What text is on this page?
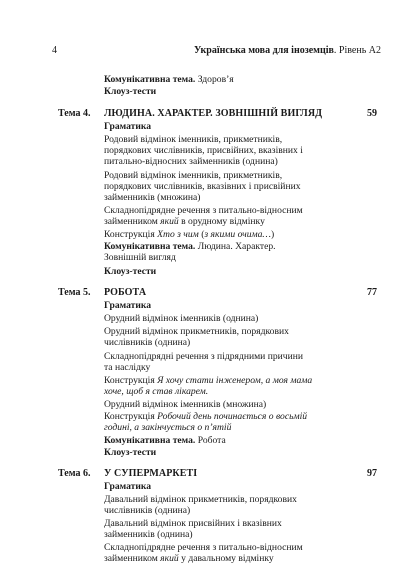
4	Українська мова для іноземців. Рівень А2
Комунікативна тема. Здоров’я
Клоуз-тести
Тема 4. ЛЮДИНА. ХАРАКТЕР. ЗОВНІШНІЙ ВИГЛЯД	59
Граматика
Родовий відмінок іменників, прикметників, порядкових числівників, присвійних, вказівних і питально-відносних займенників (однина)
Родовий відмінок іменників, прикметників, порядкових числівників, вказівних і присвійних займенників (множина)
Складнопідрядне речення з питально-відносним займенником який в орудному відмінку
Конструкція Хто з чим (з якими очима…)
Комунікативна тема. Людина. Характер. Зовнішній вигляд
Клоуз-тести
Тема 5. РОБОТА	77
Граматика
Орудний відмінок іменників (однина)
Орудний відмінок прикметників, порядкових числівників (однина)
Складнопідрядні речення з підрядними причини та наслідку
Конструкція Я хочу стати інженером, а моя мама хоче, щоб я став лікарем.
Орудний відмінок іменників (множина)
Конструкція Робочий день починається о восьмій годині, а закінчується о п’ятій
Комунікативна тема. Робота
Клоуз-тести
Тема 6. У СУПЕРМАРКЕТІ	97
Граматика
Давальний відмінок прикметників, порядкових числівників (однина)
Давальний відмінок присвійних і вказівних займенників (однина)
Складнопідрядне речення з питально-відносним займенником який у давальному відмінку
